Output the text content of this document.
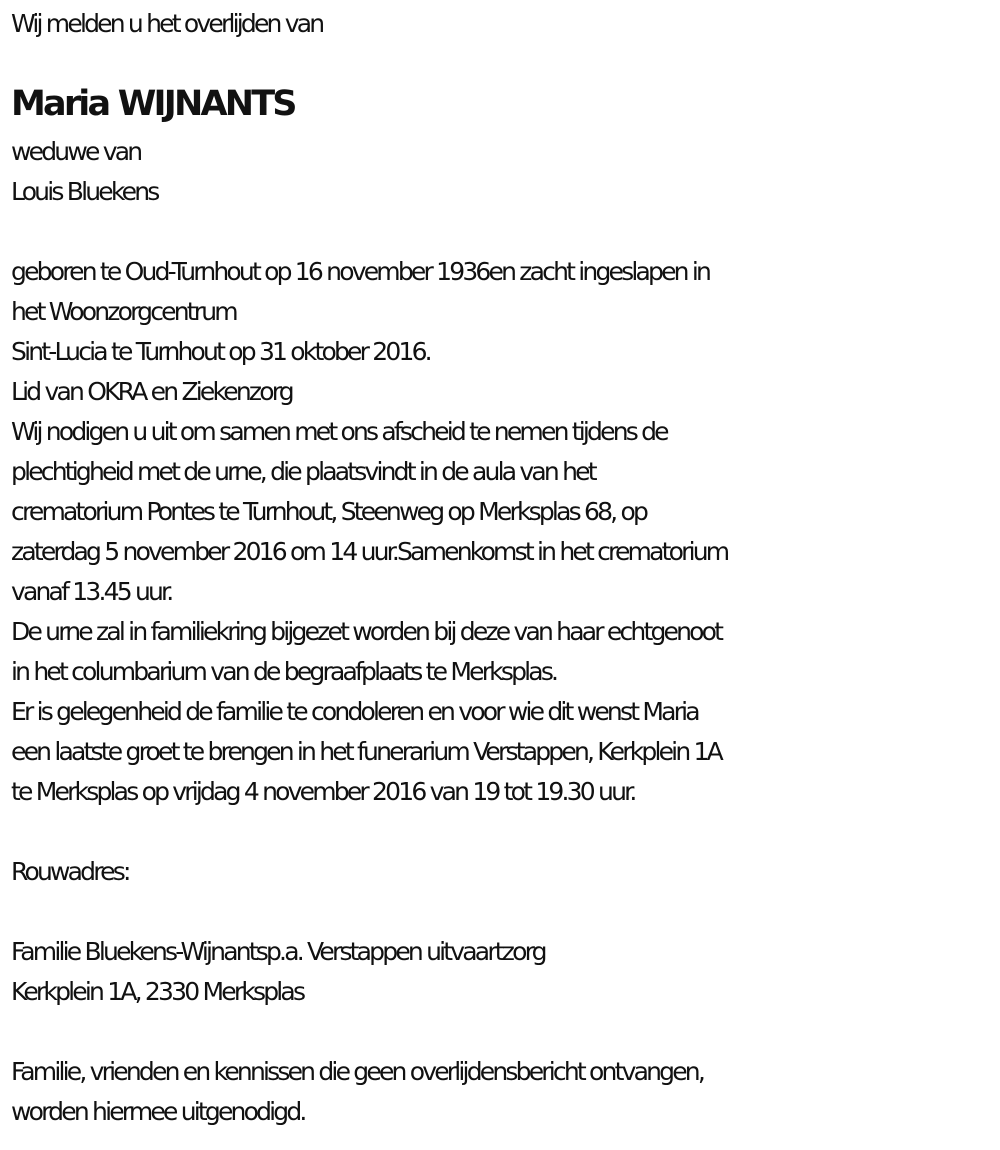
Wij melden u het overlijden van
Maria WIJNANTS
weduwe van
Louis Bluekens
geboren te Oud-Turnhout op 16 november 1936en zacht ingeslapen in
het Woonzorgcentrum
Sint-Lucia te Turnhout op 31 oktober 2016.
Lid van OKRA en Ziekenzorg
Wij nodigen u uit om samen met ons afscheid te nemen tijdens de
plechtigheid met de urne, die plaatsvindt in de aula van het
crematorium Pontes te Turnhout, Steenweg op Merksplas 68, op
zaterdag 5 november 2016 om 14 uur.Samenkomst in het crematorium
vanaf 13.45 uur.
De urne zal in familiekring bijgezet worden bij deze van haar echtgenoot
in het columbarium van de begraafplaats te Merksplas.
Er is gelegenheid de familie te condoleren en voor wie dit wenst Maria
een laatste groet te brengen in het funerarium Verstappen, Kerkplein 1A
te Merksplas op vrijdag 4 november 2016 van 19 tot 19.30 uur.
Rouwadres:
Familie Bluekens-Wijnantsp.a. Verstappen uitvaartzorg
Kerkplein 1A, 2330 Merksplas
Familie, vrienden en kennissen die geen overlijdensbericht ontvangen,
worden hiermee uitgenodigd.
